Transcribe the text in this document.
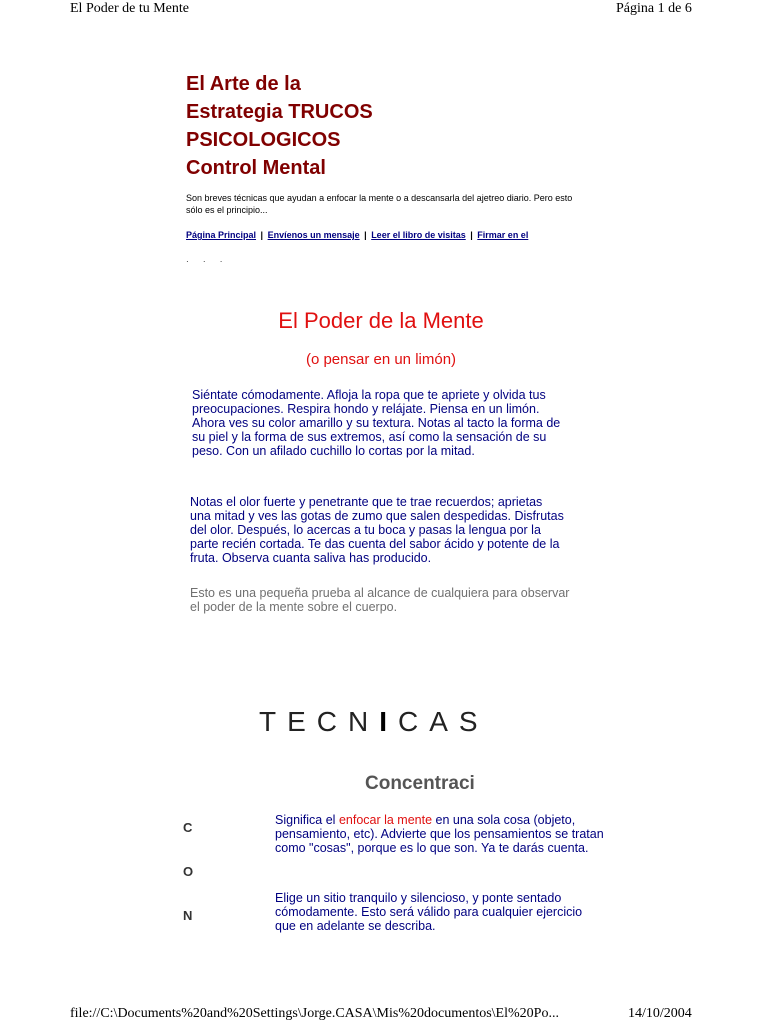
El Poder de tu Mente	Página 1 de 6
El Arte de la
Estrategia TRUCOS
PSICOLOGICOS
Control Mental
Son breves técnicas que ayudan a enfocar la mente o a descansarla del ajetreo diario. Pero esto sólo es el principio...
Página Principal | Envíenos un mensaje | Leer el libro de visitas | Firmar en el
· · ·
El Poder de la Mente
(o pensar en un limón)
Siéntate cómodamente. Afloja la ropa que te apriete y olvida tus preocupaciones. Respira hondo y relájate. Piensa en un limón. Ahora ves su color amarillo y su textura. Notas al tacto la forma de su piel y la forma de sus extremos, así como la sensación de su peso. Con un afilado cuchillo lo cortas por la mitad.
Notas el olor fuerte y penetrante que te trae recuerdos; aprietas una mitad y ves las gotas de zumo que salen despedidas. Disfrutas del olor. Después, lo acercas a tu boca y pasas la lengua por la parte recién cortada. Te das cuenta del sabor ácido y potente de la fruta. Observa cuanta saliva has producido.
Esto es una pequeña prueba al alcance de cualquiera para observar el poder de la mente sobre el cuerpo.
TECNICAS
Concentraci
C
O
N
Significa el enfocar la mente en una sola cosa (objeto, pensamiento, etc). Advierte que los pensamientos se tratan como "cosas", porque es lo que son. Ya te darás cuenta.
Elige un sitio tranquilo y silencioso, y ponte sentado cómodamente. Esto será válido para cualquier ejercicio que en adelante se describa.
file://C:\Documents%20and%20Settings\Jorge.CASA\Mis%20documentos\El%20Po...	14/10/2004
